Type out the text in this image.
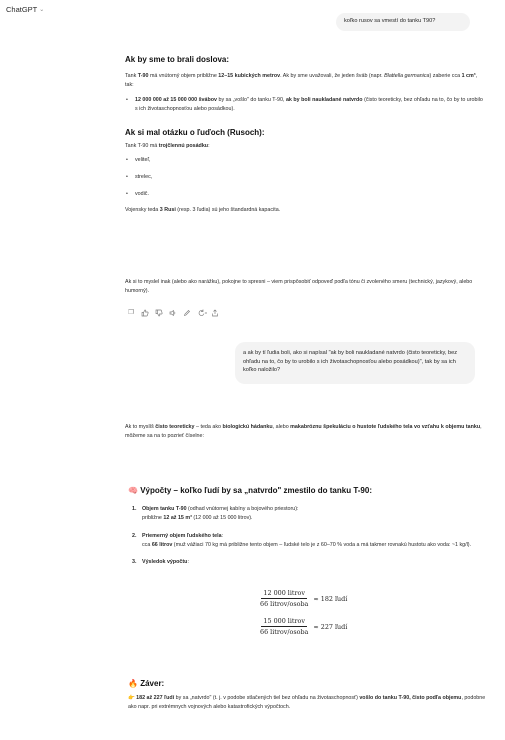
ChatGPT ⌄
koľko rusov sa vmestí do tanku T90?
Ak by sme to brali doslova:

Tank T-90 má vnútorný objem približne 12–15 kubických metrov. Ak by sme uvažovali, že jeden šváb (napr. Blattella germanica) zaberie cca 1 cm³, tak:

• 12 000 000 až 15 000 000 švábov by sa „vošlo" do tanku T-90, ak by boli naukladané natvrdo (čisto teoreticky, bez ohľadu na to, čo by to urobilo s ich životaschopnosťou alebo posádkou).
Ak si mal otázku o ľuďoch (Rusoch):

Tank T-90 má trojčlennú posádku:

• veliteľ,
• strelec,
• vodič.

Vojensky teda 3 Rusi (resp. 3 ľudia) sú jeho štandardná kapacita.

Ak si to myslel inak (alebo ako narážku), pokojne to spresni – viem prispôsobiť odpoveď podľa tónu či zvoleného smeru (technický, jazykový, alebo humorný).

❐
a ak by tí ľudia boli, ako si napísal "ak by boli naukladané natvrdo (čisto teoreticky, bez ohľadu na to, čo by to urobilo s ich životaschopnosťou alebo posádkou)", tak by sa ich koľko naložilo?

Ak to myslíš čisto teoreticky – teda ako biologickú hádanku, alebo makabróznu špekuláciu o hustote ľudského tela vo vzťahu k objemu tanku, môžeme sa na to pozrieť číselne:

🧠 Výpočty – koľko ľudí by sa „natvrdo" zmestilo do tanku T-90:
1. Objem tanku T-90 (odhad vnútornej kabíny a bojového priestoru):
približne 12 až 15 m³ (12 000 až 15 000 litrov).
2. Priemerný objem ľudského tela:
cca 66 litrov (muž vážiaci 70 kg má približne tento objem – ľudské telo je z 60–70 % voda a má takmer rovnakú hustotu ako voda: ~1 kg/l).
3. Výsledok výpočtu:
$\frac{\text{12 000 litrov}}{\text{66 litrov/osoba}} \approx 182$ ľudí
$\frac{\text{15 000 litrov}}{\text{66 litrov/osoba}} \approx 227$ ľudí
🔥 Záver:

👉 182 až 227 ľudí by sa „natvrdo" (t. j. v podobe stlačených tiel bez ohľadu na životaschopnosť) vošlo do tanku T-90, čisto podľa objemu, podobne ako napr. pri extrémnych vojnových alebo katastrofických výpočtoch.
